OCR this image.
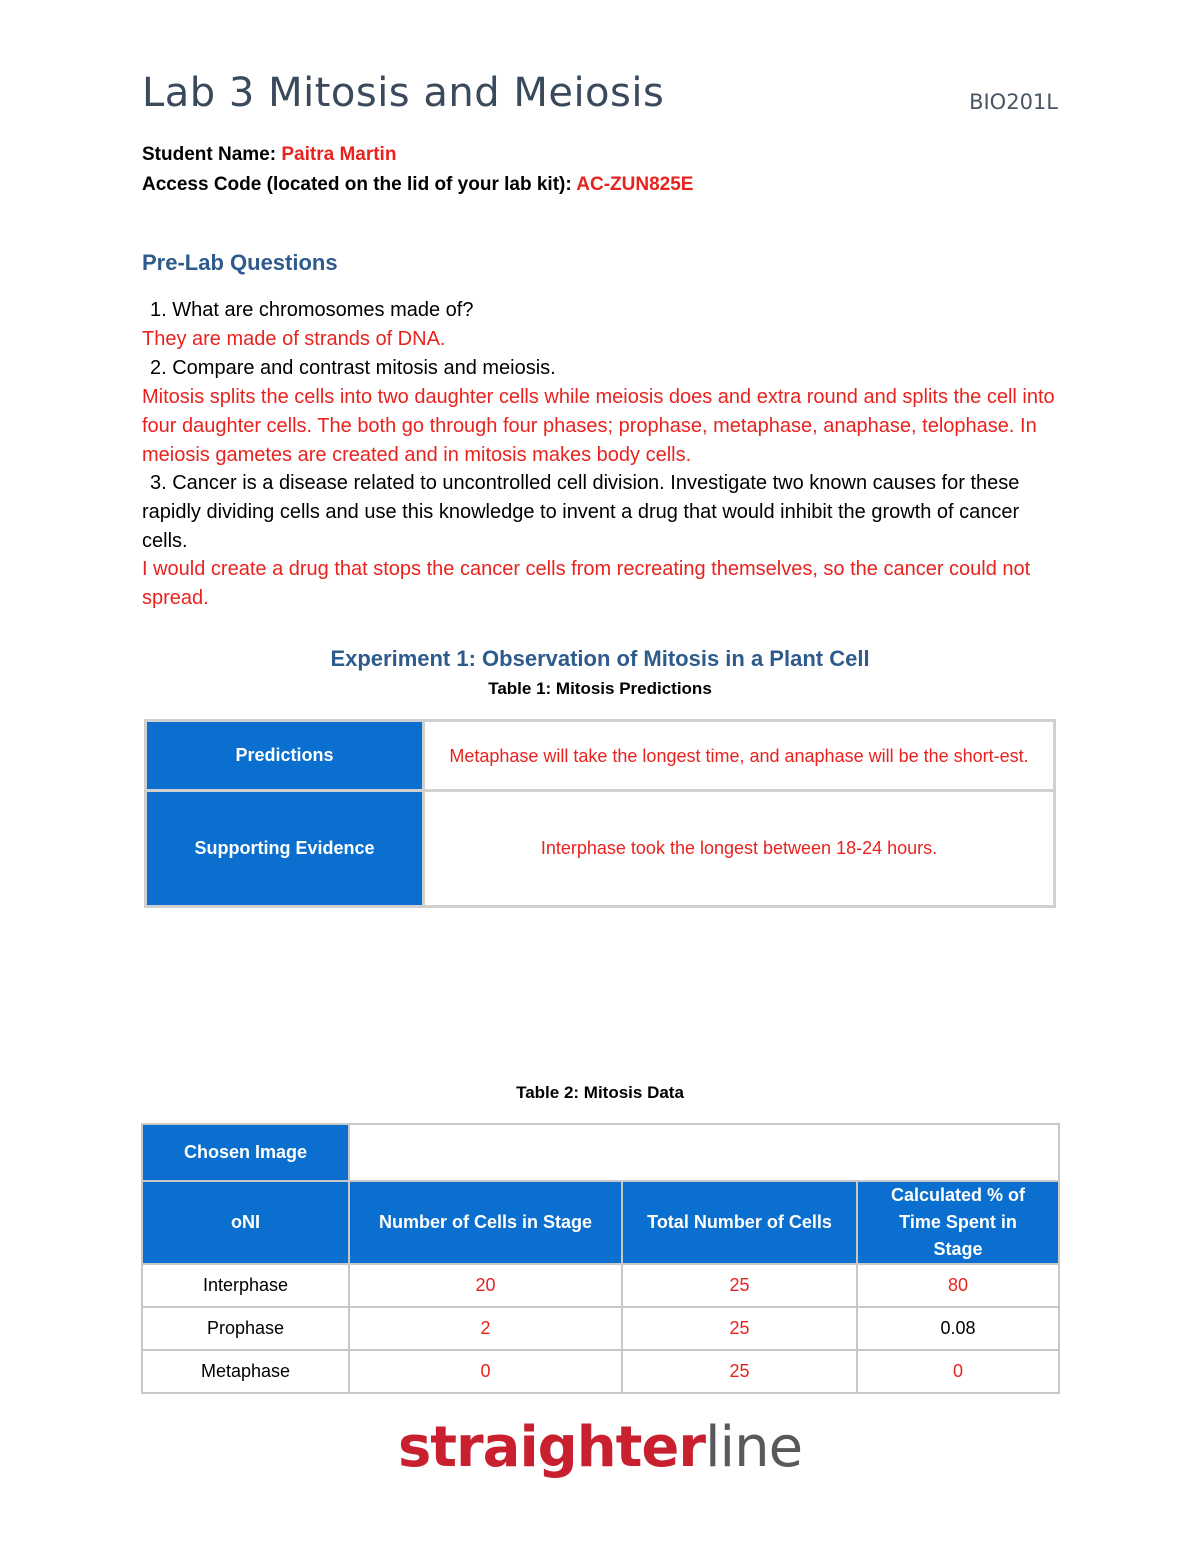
Lab 3 Mitosis and Meiosis	BIO201L
Student Name: Paitra Martin
Access Code (located on the lid of your lab kit): AC-ZUN825E
Pre-Lab Questions
1. What are chromosomes made of?
They are made of strands of DNA.
2. Compare and contrast mitosis and meiosis.
Mitosis splits the cells into two daughter cells while meiosis does and extra round and splits the cell into four daughter cells. The both go through four phases; prophase, metaphase, anaphase, telophase. In meiosis gametes are created and in mitosis makes body cells.
3. Cancer is a disease related to uncontrolled cell division. Investigate two known causes for these rapidly dividing cells and use this knowledge to invent a drug that would inhibit the growth of cancer cells.
I would create a drug that stops the cancer cells from recreating themselves, so the cancer could not spread.
Experiment 1: Observation of Mitosis in a Plant Cell
Table 1: Mitosis Predictions
Predictions	Metaphase will take the longest time, and anaphase will be the short-est.
Supporting Evidence	Interphase took the longest between 18-24 hours.
Table 2: Mitosis Data
Chosen Image			
oNI	Number of Cells in Stage	Total Number of Cells	Calculated % of Time Spent in Stage
Interphase	20	25	80
Prophase	2	25	0.08
Metaphase	0	25	0
straighterline
